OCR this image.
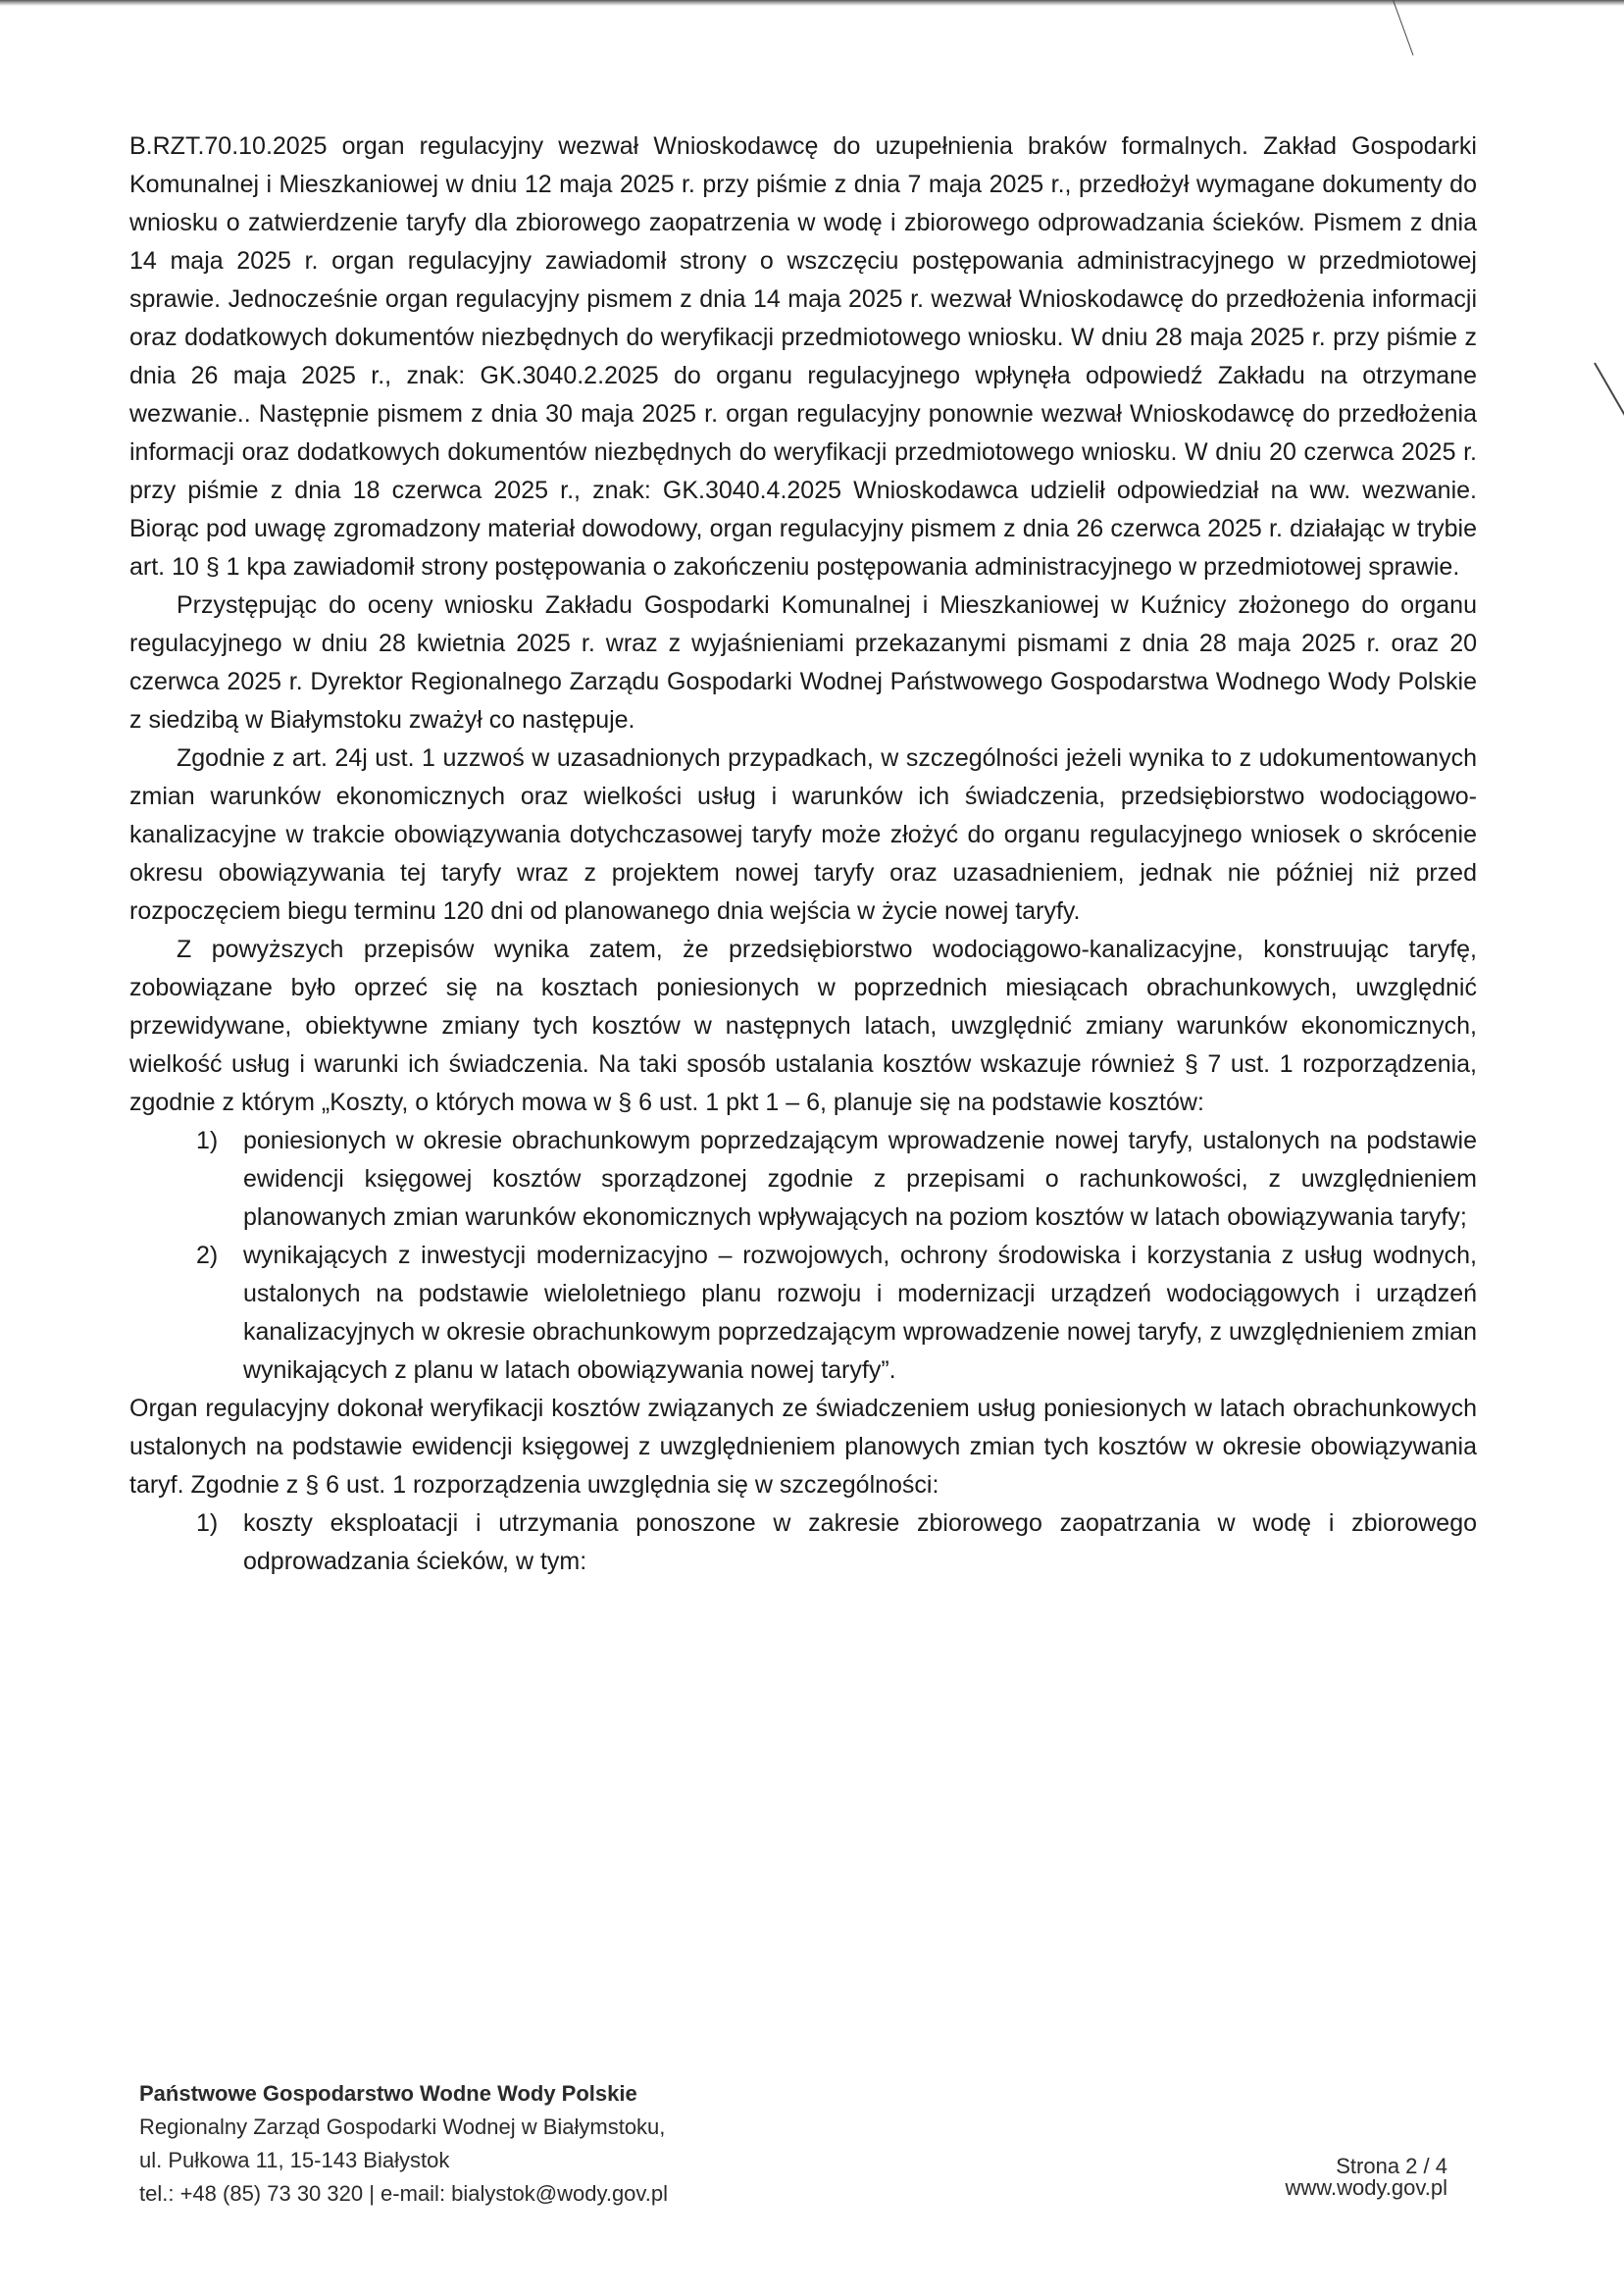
B.RZT.70.10.2025 organ regulacyjny wezwał Wnioskodawcę do uzupełnienia braków formalnych. Zakład Gospodarki Komunalnej i Mieszkaniowej w dniu 12 maja 2025 r. przy piśmie z dnia 7 maja 2025 r., przedłożył wymagane dokumenty do wniosku o zatwierdzenie taryfy dla zbiorowego zaopatrzenia w wodę i zbiorowego odprowadzania ścieków. Pismem z dnia 14 maja 2025 r. organ regulacyjny zawiadomił strony o wszczęciu postępowania administracyjnego w przedmiotowej sprawie. Jednocześnie organ regulacyjny pismem z dnia 14 maja 2025 r. wezwał Wnioskodawcę do przedłożenia informacji oraz dodatkowych dokumentów niezbędnych do weryfikacji przedmiotowego wniosku. W dniu 28 maja 2025 r. przy piśmie z dnia 26 maja 2025 r., znak: GK.3040.2.2025 do organu regulacyjnego wpłynęła odpowiedź Zakładu na otrzymane wezwanie.. Następnie pismem z dnia 30 maja 2025 r. organ regulacyjny ponownie wezwał Wnioskodawcę do przedłożenia informacji oraz dodatkowych dokumentów niezbędnych do weryfikacji przedmiotowego wniosku. W dniu 20 czerwca 2025 r. przy piśmie z dnia 18 czerwca 2025 r., znak: GK.3040.4.2025 Wnioskodawca udzielił odpowiedział na ww. wezwanie. Biorąc pod uwagę zgromadzony materiał dowodowy, organ regulacyjny pismem z dnia 26 czerwca 2025 r. działając w trybie art. 10 § 1 kpa zawiadomił strony postępowania o zakończeniu postępowania administracyjnego w przedmiotowej sprawie.

Przystępując do oceny wniosku Zakładu Gospodarki Komunalnej i Mieszkaniowej w Kuźnicy złożonego do organu regulacyjnego w dniu 28 kwietnia 2025 r. wraz z wyjaśnieniami przekazanymi pismami z dnia 28 maja 2025 r. oraz 20 czerwca 2025 r. Dyrektor Regionalnego Zarządu Gospodarki Wodnej Państwowego Gospodarstwa Wodnego Wody Polskie z siedzibą w Białymstoku zważył co następuje.

Zgodnie z art. 24j ust. 1 uzzwoś w uzasadnionych przypadkach, w szczególności jeżeli wynika to z udokumentowanych zmian warunków ekonomicznych oraz wielkości usług i warunków ich świadczenia, przedsiębiorstwo wodociągowo-kanalizacyjne w trakcie obowiązywania dotychczasowej taryfy może złożyć do organu regulacyjnego wniosek o skrócenie okresu obowiązywania tej taryfy wraz z projektem nowej taryfy oraz uzasadnieniem, jednak nie później niż przed rozpoczęciem biegu terminu 120 dni od planowanego dnia wejścia w życie nowej taryfy.

Z powyższych przepisów wynika zatem, że przedsiębiorstwo wodociągowo-kanalizacyjne, konstruując taryfę, zobowiązane było oprzeć się na kosztach poniesionych w poprzednich miesiącach obrachunkowych, uwzględnić przewidywane, obiektywne zmiany tych kosztów w następnych latach, uwzględnić zmiany warunków ekonomicznych, wielkość usług i warunki ich świadczenia. Na taki sposób ustalania kosztów wskazuje również § 7 ust. 1 rozporządzenia, zgodnie z którym „Koszty, o których mowa w § 6 ust. 1 pkt 1 – 6, planuje się na podstawie kosztów:

1) poniesionych w okresie obrachunkowym poprzedzającym wprowadzenie nowej taryfy, ustalonych na podstawie ewidencji księgowej kosztów sporządzonej zgodnie z przepisami o rachunkowości, z uwzględnieniem planowanych zmian warunków ekonomicznych wpływających na poziom kosztów w latach obowiązywania taryfy;
2) wynikających z inwestycji modernizacyjno – rozwojowych, ochrony środowiska i korzystania z usług wodnych, ustalonych na podstawie wieloletniego planu rozwoju i modernizacji urządzeń wodociągowych i urządzeń kanalizacyjnych w okresie obrachunkowym poprzedzającym wprowadzenie nowej taryfy, z uwzględnieniem zmian wynikających z planu w latach obowiązywania nowej taryfy”.

Organ regulacyjny dokonał weryfikacji kosztów związanych ze świadczeniem usług poniesionych w latach obrachunkowych ustalonych na podstawie ewidencji księgowej z uwzględnieniem planowych zmian tych kosztów w okresie obowiązywania taryf. Zgodnie z § 6 ust. 1 rozporządzenia uwzględnia się w szczególności:

1) koszty eksploatacji i utrzymania ponoszone w zakresie zbiorowego zaopatrzania w wodę i zbiorowego odprowadzania ścieków, w tym:
Państwowe Gospodarstwo Wodne Wody Polskie
Regionalny Zarząd Gospodarki Wodnej w Białymstoku,
ul. Pułkowa 11, 15-143 Białystok
tel.: +48 (85) 73 30 320 | e-mail: bialystok@wody.gov.pl
Strona 2 / 4
www.wody.gov.pl
